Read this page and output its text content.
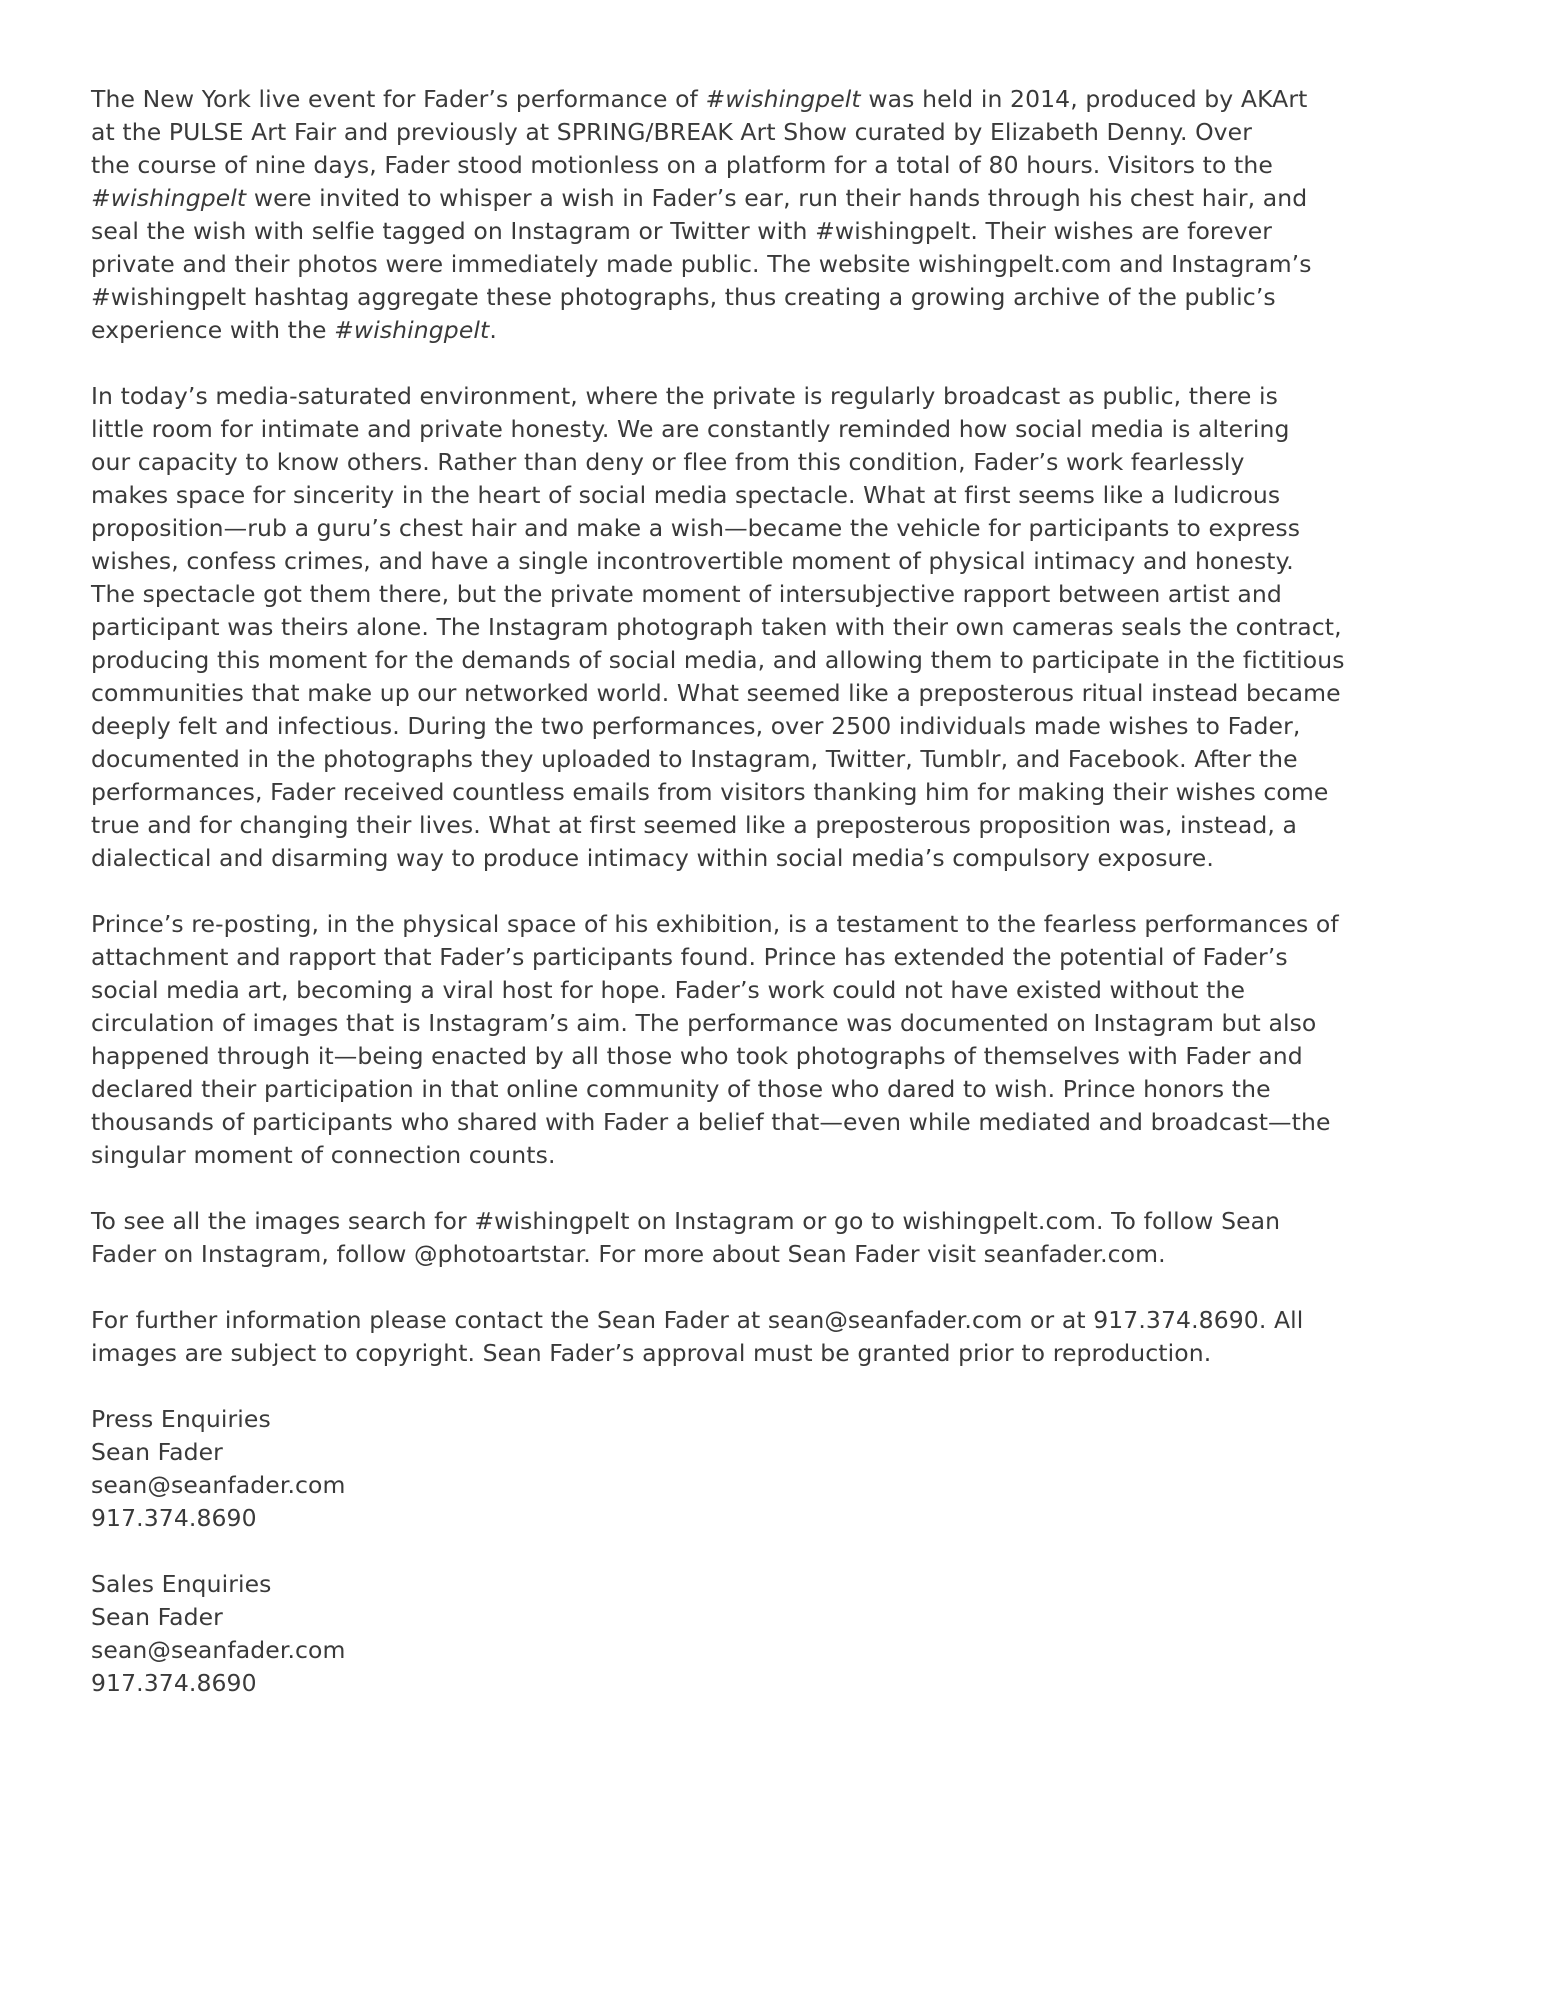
The New York live event for Fader’s performance of #wishingpelt was held in 2014, produced by AKArt
at the PULSE Art Fair and previously at SPRING/BREAK Art Show curated by Elizabeth Denny. Over
the course of nine days, Fader stood motionless on a platform for a total of 80 hours. Visitors to the
#wishingpelt were invited to whisper a wish in Fader’s ear, run their hands through his chest hair, and
seal the wish with selfie tagged on Instagram or Twitter with #wishingpelt. Their wishes are forever
private and their photos were immediately made public. The website wishingpelt.com and Instagram’s
#wishingpelt hashtag aggregate these photographs, thus creating a growing archive of the public’s
experience with the #wishingpelt.
In today’s media-saturated environment, where the private is regularly broadcast as public, there is
little room for intimate and private honesty. We are constantly reminded how social media is altering
our capacity to know others. Rather than deny or flee from this condition, Fader’s work fearlessly
makes space for sincerity in the heart of social media spectacle. What at first seems like a ludicrous
proposition—rub a guru’s chest hair and make a wish—became the vehicle for participants to express
wishes, confess crimes, and have a single incontrovertible moment of physical intimacy and honesty.
The spectacle got them there, but the private moment of intersubjective rapport between artist and
participant was theirs alone. The Instagram photograph taken with their own cameras seals the contract,
producing this moment for the demands of social media, and allowing them to participate in the fictitious
communities that make up our networked world. What seemed like a preposterous ritual instead became
deeply felt and infectious. During the two performances, over 2500 individuals made wishes to Fader,
documented in the photographs they uploaded to Instagram, Twitter, Tumblr, and Facebook. After the
performances, Fader received countless emails from visitors thanking him for making their wishes come
true and for changing their lives. What at first seemed like a preposterous proposition was, instead, a
dialectical and disarming way to produce intimacy within social media’s compulsory exposure.
Prince’s re-posting, in the physical space of his exhibition, is a testament to the fearless performances of
attachment and rapport that Fader’s participants found. Prince has extended the potential of Fader’s
social media art, becoming a viral host for hope. Fader’s work could not have existed without the
circulation of images that is Instagram’s aim. The performance was documented on Instagram but also
happened through it—being enacted by all those who took photographs of themselves with Fader and
declared their participation in that online community of those who dared to wish. Prince honors the
thousands of participants who shared with Fader a belief that—even while mediated and broadcast—the
singular moment of connection counts.
To see all the images search for #wishingpelt on Instagram or go to wishingpelt.com. To follow Sean
Fader on Instagram, follow @photoartstar. For more about Sean Fader visit seanfader.com.
For further information please contact the Sean Fader at sean@seanfader.com or at 917.374.8690. All
images are subject to copyright. Sean Fader’s approval must be granted prior to reproduction.
Press Enquiries
Sean Fader
sean@seanfader.com
917.374.8690
Sales Enquiries
Sean Fader
sean@seanfader.com
917.374.8690
